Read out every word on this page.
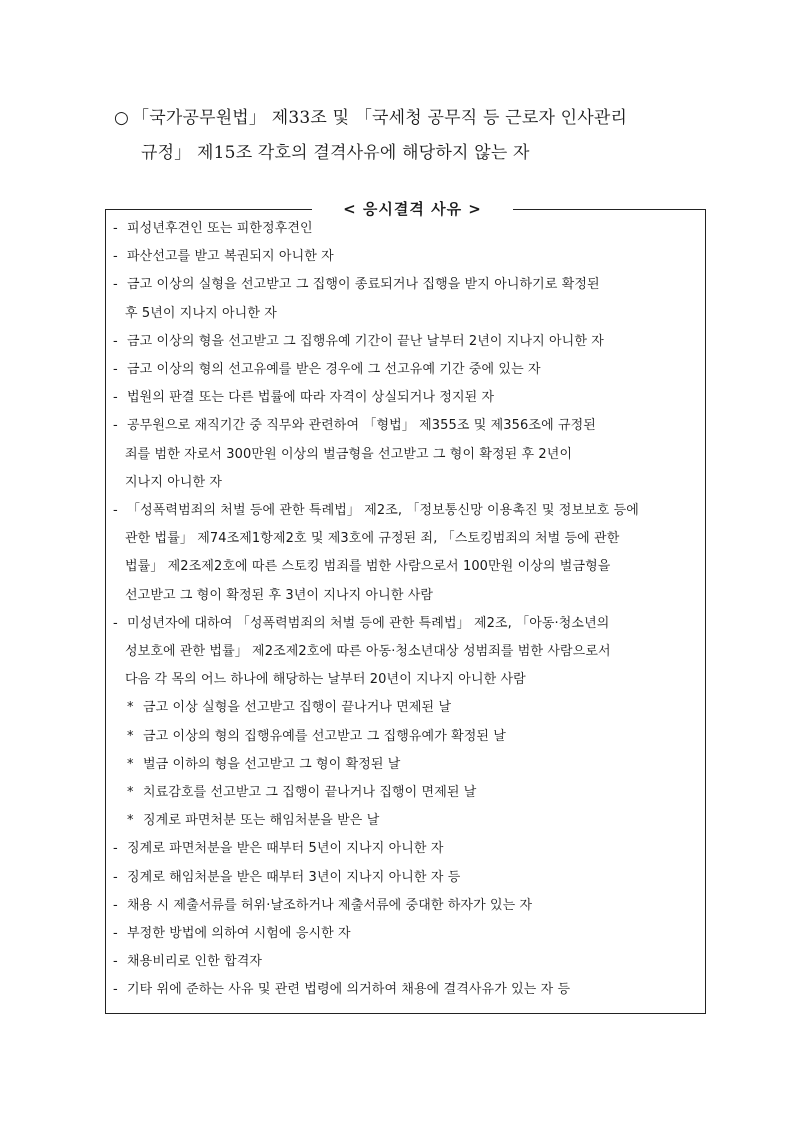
○ 「국가공무원법」 제33조 및 「국세청 공무직 등 근로자 인사관리
규정」 제15조 각호의 결격사유에 해당하지 않는 자
< 응시결격 사유 >
- 피성년후견인 또는 피한정후견인
- 파산선고를 받고 복권되지 아니한 자
- 금고 이상의 실형을 선고받고 그 집행이 종료되거나 집행을 받지 아니하기로 확정된
후 5년이 지나지 아니한 자
- 금고 이상의 형을 선고받고 그 집행유예 기간이 끝난 날부터 2년이 지나지 아니한 자
- 금고 이상의 형의 선고유예를 받은 경우에 그 선고유예 기간 중에 있는 자
- 법원의 판결 또는 다른 법률에 따라 자격이 상실되거나 정지된 자
- 공무원으로 재직기간 중 직무와 관련하여 「형법」 제355조 및 제356조에 규정된
죄를 범한 자로서 300만원 이상의 벌금형을 선고받고 그 형이 확정된 후 2년이
지나지 아니한 자
- 「성폭력범죄의 처벌 등에 관한 특례법」 제2조, 「정보통신망 이용촉진 및 정보보호 등에
관한 법률」 제74조제1항제2호 및 제3호에 규정된 죄, 「스토킹범죄의 처벌 등에 관한
법률」 제2조제2호에 따른 스토킹 범죄를 범한 사람으로서 100만원 이상의 벌금형을
선고받고 그 형이 확정된 후 3년이 지나지 아니한 사람
- 미성년자에 대하여 「성폭력범죄의 처벌 등에 관한 특례법」 제2조, 「아동·청소년의
성보호에 관한 법률」 제2조제2호에 따른 아동·청소년대상 성범죄를 범한 사람으로서
다음 각 목의 어느 하나에 해당하는 날부터 20년이 지나지 아니한 사람
* 금고 이상 실형을 선고받고 집행이 끝나거나 면제된 날
* 금고 이상의 형의 집행유예를 선고받고 그 집행유예가 확정된 날
* 벌금 이하의 형을 선고받고 그 형이 확정된 날
* 치료감호를 선고받고 그 집행이 끝나거나 집행이 면제된 날
* 징계로 파면처분 또는 해임처분을 받은 날
- 징계로 파면처분을 받은 때부터 5년이 지나지 아니한 자
- 징계로 해임처분을 받은 때부터 3년이 지나지 아니한 자 등
- 채용 시 제출서류를 허위·날조하거나 제출서류에 중대한 하자가 있는 자
- 부정한 방법에 의하여 시험에 응시한 자
- 채용비리로 인한 합격자
- 기타 위에 준하는 사유 및 관련 법령에 의거하여 채용에 결격사유가 있는 자 등
